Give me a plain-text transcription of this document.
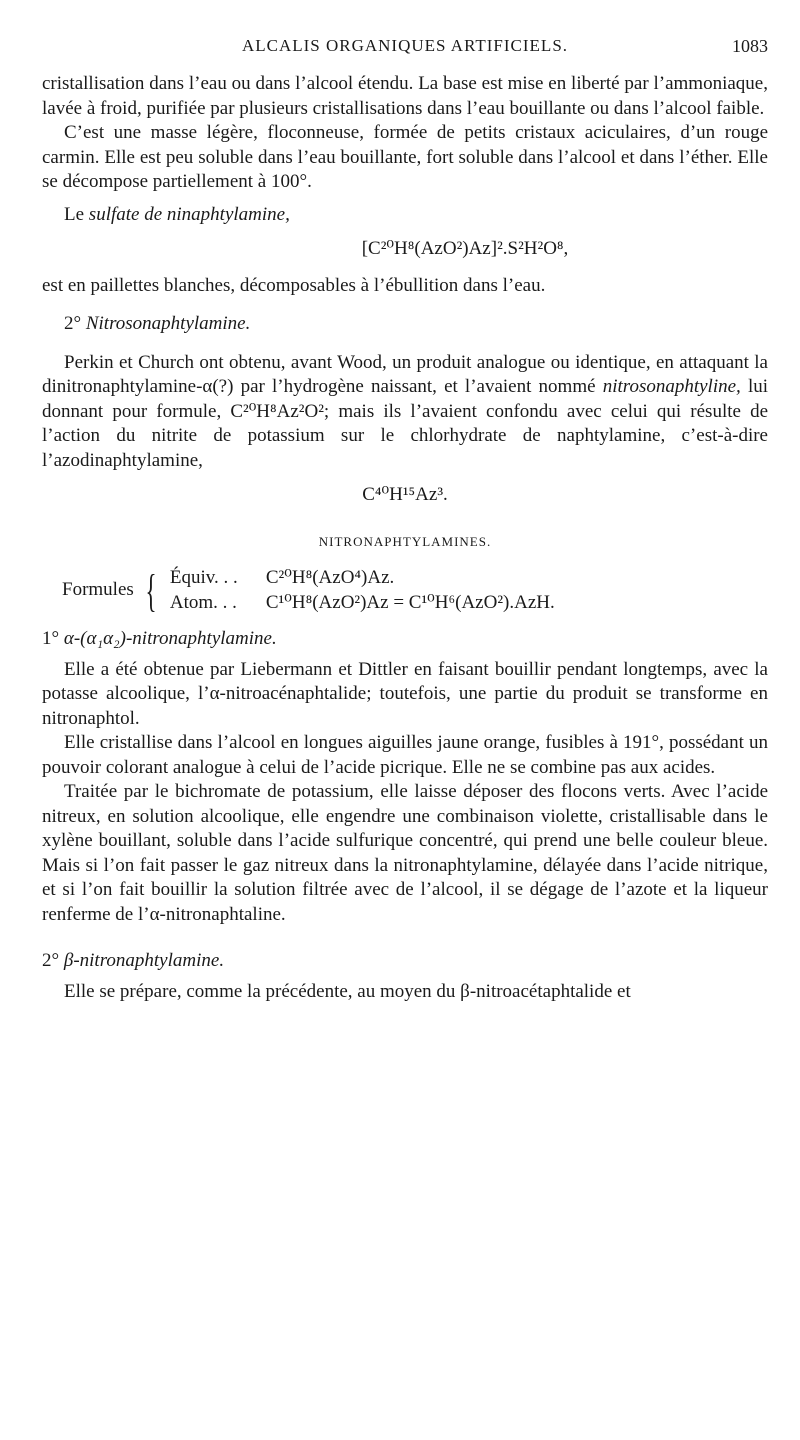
ALCALIS ORGANIQUES ARTIFICIELS.	1083

cristallisation dans l’eau ou dans l’alcool étendu. La base est mise en liberté par l’ammoniaque, lavée à froid, purifiée par plusieurs cristallisations dans l’eau bouillante ou dans l’alcool faible.

C’est une masse légère, floconneuse, formée de petits cristaux aciculaires, d’un rouge carmin. Elle est peu soluble dans l’eau bouillante, fort soluble dans l’alcool et dans l’éther. Elle se décompose partiellement à 100°.

Le sulfate de ninaphtylamine,

[C²⁰H⁸(AzO²)Az]².S²H²O⁸,

est en paillettes blanches, décomposables à l’ébullition dans l’eau.

2° Nitrosonaphtylamine.

Perkin et Church ont obtenu, avant Wood, un produit analogue ou identique, en attaquant la dinitronaphtylamine-α(?) par l’hydrogène naissant, et l’avaient nommé nitrosonaphtyline, lui donnant pour formule, C²⁰H⁸Az²O²; mais ils l’avaient confondu avec celui qui résulte de l’action du nitrite de potassium sur le chlorhydrate de naphtylamine, c’est-à-dire l’azodinaphtylamine,

C⁴⁰H¹⁵Az³.

NITRONAPHTYLAMINES.
Formules { Équiv. . .	C²⁰H⁸(AzO⁴)Az.
Atom. . .	C¹⁰H⁸(AzO²)Az = C¹⁰H⁶(AzO²).AzH.

1° α-(α₁α₂)-nitronaphtylamine.

Elle a été obtenue par Liebermann et Dittler en faisant bouillir pendant longtemps, avec la potasse alcoolique, l’α-nitroacénaphtalide; toutefois, une partie du produit se transforme en nitronaphtol.

Elle cristallise dans l’alcool en longues aiguilles jaune orange, fusibles à 191°, possédant un pouvoir colorant analogue à celui de l’acide picrique. Elle ne se combine pas aux acides.

Traitée par le bichromate de potassium, elle laisse déposer des flocons verts. Avec l’acide nitreux, en solution alcoolique, elle engendre une combinaison violette, cristallisable dans le xylène bouillant, soluble dans l’acide sulfurique concentré, qui prend une belle couleur bleue. Mais si l’on fait passer le gaz nitreux dans la nitronaphtylamine, délayée dans l’acide nitrique, et si l’on fait bouillir la solution filtrée avec de l’alcool, il se dégage de l’azote et la liqueur renferme de l’α-nitronaphtaline.

2° β-nitronaphtylamine.

Elle se prépare, comme la précédente, au moyen du β-nitroacétaphtalide et
